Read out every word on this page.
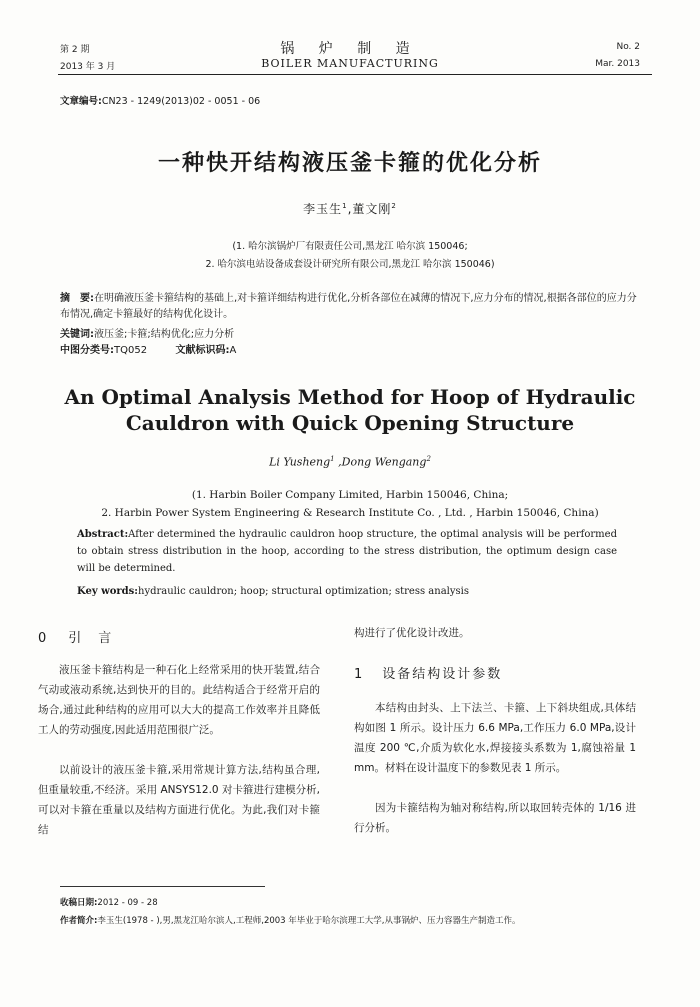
第 2 期
2013 年 3 月
锅 炉 制 造
BOILER MANUFACTURING
No. 2
Mar. 2013
文章编号:CN23 - 1249(2013)02 - 0051 - 06
一种快开结构液压釜卡箍的优化分析
李玉生$^1$,董文刚$^2$
(1. 哈尔滨锅炉厂有限责任公司,黑龙江 哈尔滨 150046;
2. 哈尔滨电站设备成套设计研究所有限公司,黑龙江 哈尔滨 150046)
摘　要:在明确液压釜卡箍结构的基础上,对卡箍详细结构进行优化,分析各部位在减薄的情况下,应力分布的情况,根据各部位的应力分布情况,确定卡箍最好的结构优化设计。
关键词:液压釜;卡箍;结构优化;应力分析
中图分类号:TQ052	文献标识码:A
An Optimal Analysis Method for Hoop of Hydraulic
Cauldron with Quick Opening Structure
Li Yusheng$^1$ ,Dong Wengang$^2$
(1. Harbin Boiler Company Limited, Harbin 150046, China;
2. Harbin Power System Engineering & Research Institute Co. , Ltd. , Harbin 150046, China)
Abstract:After determined the hydraulic cauldron hoop structure, the optimal analysis will be performed to obtain stress distribution in the hoop, according to the stress distribution, the optimum design case will be determined.
Key words:hydraulic cauldron; hoop; structural optimization; stress analysis
0 引　言
液压釜卡箍结构是一种石化上经常采用的快开装置,结合气动或液动系统,达到快开的目的。此结构适合于经常开启的场合,通过此种结构的应用可以大大的提高工作效率并且降低工人的劳动强度,因此适用范围很广泛。
以前设计的液压釜卡箍,采用常规计算方法,结构虽合理,但重量较重,不经济。采用 ANSYS12.0 对卡箍进行建模分析,可以对卡箍在重量以及结构方面进行优化。为此,我们对卡箍结
构进行了优化设计改进。
1 设备结构设计参数
本结构由封头、上下法兰、卡箍、上下斜块组成,具体结构如图 1 所示。设计压力 6.6 MPa,工作压力 6.0 MPa,设计温度 200 ℃,介质为软化水,焊接接头系数为 1,腐蚀裕量 1 mm。材料在设计温度下的参数见表 1 所示。
因为卡箍结构为轴对称结构,所以取回转壳体的 1/16 进行分析。
收稿日期:2012 - 09 - 28
作者简介:李玉生(1978 - ),男,黑龙江哈尔滨人,工程师,2003 年毕业于哈尔滨理工大学,从事锅炉、压力容器生产制造工作。
